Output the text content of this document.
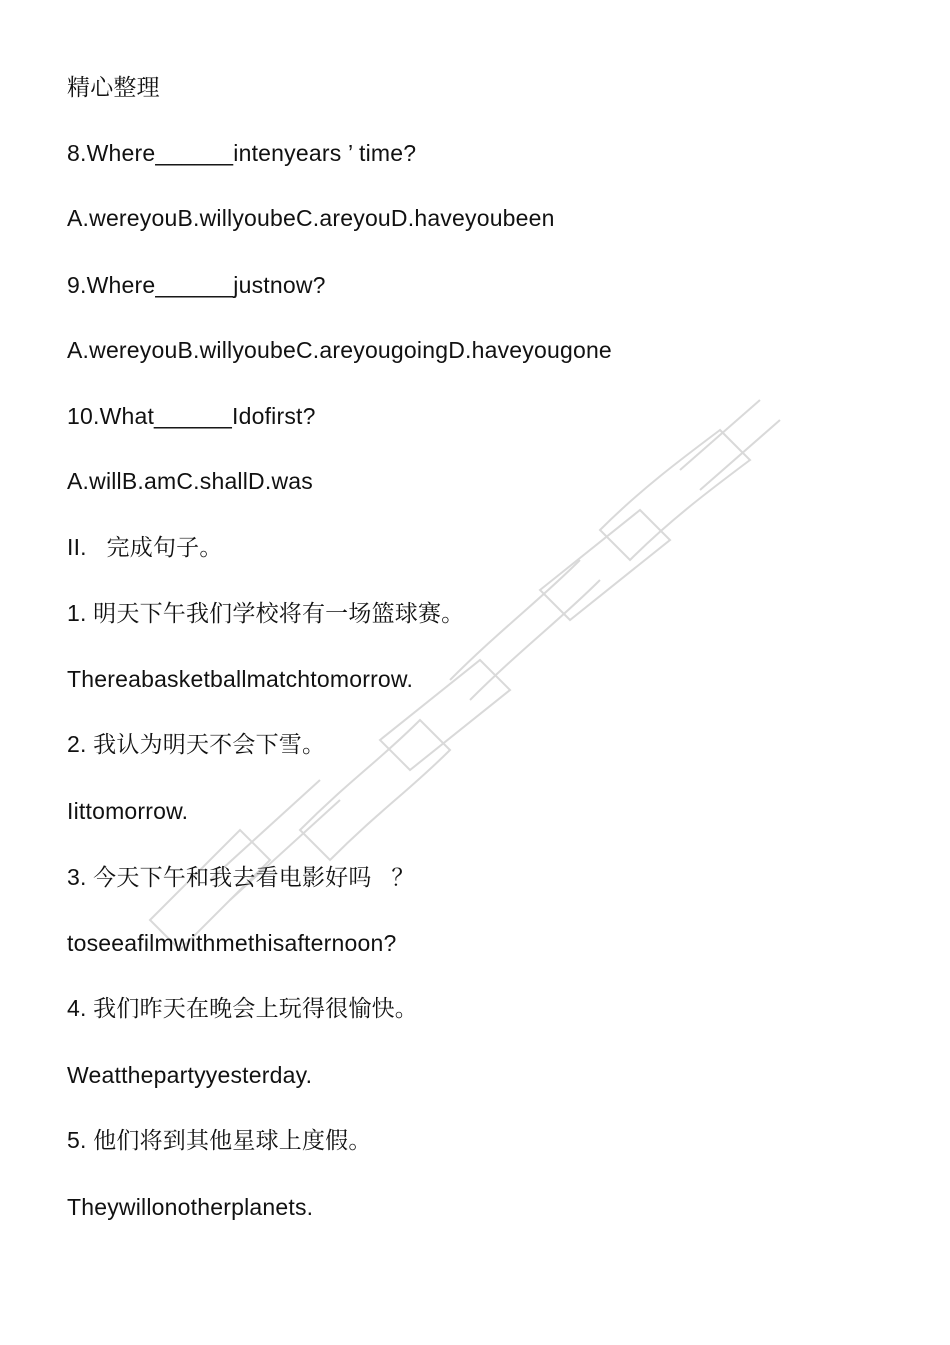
精心整理
8.Where______intenyears ’ time?
A.wereyouB.willyoubeC.areyouD.haveyoubeen
9.Where______justnow?
A.wereyouB.willyoubeC.areyougoingD.haveyougone
10.What______Idofirst?
A.willB.amC.shallD.was
II.   完成句子。
1. 明天下午我们学校将有一场篮球赛。
Thereabasketballmatchtomorrow.
2. 我认为明天不会下雪。
Iittomorrow.
3. 今天下午和我去看电影好吗   ？
toseeafilmwithmethisafternoon?
4. 我们昨天在晚会上玩得很愉快。
Weatthepartyyesterday.
5. 他们将到其他星球上度假。
Theywillonotherplanets.
